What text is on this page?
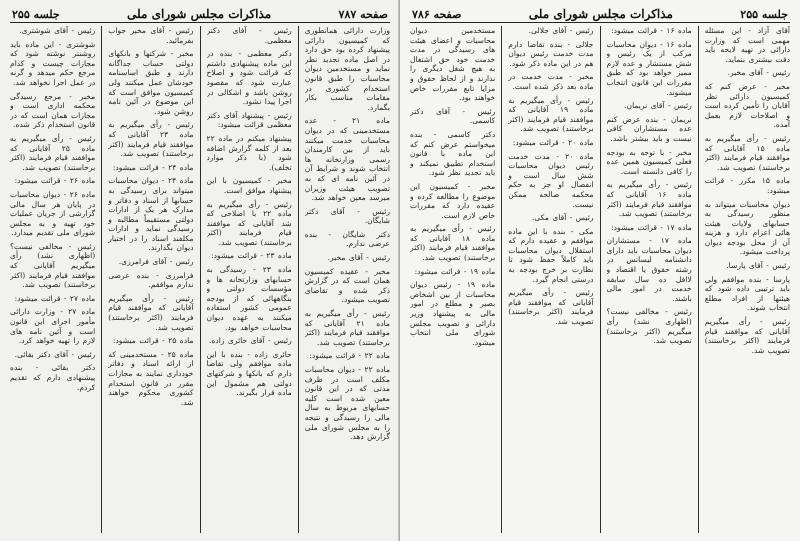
صفحه ۷۸۷
مذاکرات مجلس شورای ملی
جلسه ۲۵۵

وزارت دارائی همانطوری که کمیسیون دارائی پیشنهاد کرده بود حق دارد در اصل ماده تجدید نظر نماید و مستخدمین دیوان محاسبات را طبق قانون استخدام کشوری در مقامات مناسب بکار بگمارد.

ماده ۲۱ - عده مستخدمینی که در دیوان محاسبات خدمت میکنند باید از بین کارمندان رسمی وزارتخانه ها انتخاب شوند و شرایط آن در آئین نامه ای که به تصویب هیئت وزیران میرسد معین خواهد شد.

رئیس - آقای دکتر شایگان.

دکتر شایگان - بنده عرضی ندارم.

رئیس - آقای مخبر.

مخبر - عقیده کمیسیون همان است که در گزارش ذکر شده و تقاضای تصویب میشود.

رئیس - رأی میگیریم به ماده ۲۱ آقایانی که موافقند قیام فرمایند (اکثر برخاستند) تصویب شد.

ماده ۲۲ - قرائت میشود:

ماده ۲۲ - دیوان محاسبات مکلف است در ظرف مدتی که در این قانون معین شده است کلیه حسابهای مربوط به سال مالی را رسیدگی و نتیجه را به مجلس شورای ملی گزارش دهد.

رئیس - آقای دکتر معظمی.

دکتر معظمی - بنده در این ماده پیشنهادی داشتم که قرائت شود و اصلاح عبارت شود که مقصود روشن باشد و اشکالی در اجرا پیدا نشود.

رئیس - پیشنهاد آقای دکتر معظمی قرائت میشود:

پیشنهاد میکنم در ماده ۲۲ بعد از کلمه گزارش اضافه شود (با ذکر موارد تخلف).

مخبر - کمیسیون با این پیشنهاد موافق است.

رئیس - رأی میگیریم به ماده ۲۲ با اصلاحی که شد آقایانی که موافقند قیام فرمایند (اکثر برخاستند) تصویب شد.

ماده ۲۳ - قرائت میشود:

ماده ۲۳ - رسیدگی به حسابهای وزارتخانه ها و مؤسسات دولتی و بنگاههائی که از بودجه عمومی کشور استفاده میکنند به عهده دیوان محاسبات خواهد بود.

رئیس - آقای حائری زاده.

حائری زاده - بنده با این ماده موافقم ولی تقاضا دارم که بانکها و شرکتهای دولتی هم مشمول این ماده قرار بگیرند.

رئیس - آقای مخبر جواب بفرمائید.

مخبر - شرکتها و بانکهای دولتی حساب جداگانه دارند و طبق اساسنامه خودشان عمل میکنند ولی کمیسیون موافق است که این موضوع در آئین نامه روشن شود.

رئیس - رأی میگیریم به ماده ۲۳ آقایانی که موافقند قیام فرمایند (اکثر برخاستند) تصویب شد.

ماده ۲۴ - قرائت میشود:

ماده ۲۴ - دیوان محاسبات میتواند برای رسیدگی به حسابها از اسناد و دفاتر و مدارک هر یک از ادارات دولتی مستقیماً مطالبه و رسیدگی نماید و ادارات مکلفند اسناد را در اختیار دیوان بگذارند.

رئیس - آقای فرامرزی.

فرامرزی - بنده عرضی ندارم موافقم.

رئیس - رأی میگیریم آقایانی که موافقند قیام فرمایند (اکثر برخاستند) تصویب شد.

ماده ۲۵ - قرائت میشود:

ماده ۲۵ - مستخدمینی که از ارائه اسناد و دفاتر خودداری نمایند به مجازات مقرر در قانون استخدام کشوری محکوم خواهند شد.

رئیس - آقای شوشتری.

شوشتری - این ماده باید روشنتر نوشته شود که مجازات چیست و کدام مرجع حکم میدهد و گرنه در عمل اجرا نخواهد شد.

مخبر - مرجع رسیدگی محکمه اداری است و مجازات همان است که در قانون استخدام ذکر شده.

رئیس - رأی میگیریم به ماده ۲۵ آقایانی که موافقند قیام فرمایند (اکثر برخاستند) تصویب شد.

ماده ۲۶ - قرائت میشود:

ماده ۲۶ - دیوان محاسبات در پایان هر سال مالی گزارشی از جریان عملیات خود تهیه و به مجلس شورای ملی تقدیم میدارد.

رئیس - مخالفی نیست؟ (اظهاری نشد) رأی میگیریم آقایانی که موافقند قیام فرمایند (اکثر برخاستند) تصویب شد.

ماده ۲۷ - قرائت میشود:

ماده ۲۷ - وزارت دارائی مأمور اجرای این قانون است و آئین نامه های لازم را تهیه خواهد کرد.

رئیس - آقای دکتر بقائی.

دکتر بقائی - بنده پیشنهادی دارم که تقدیم کردم.

جلسه ۲۵۵
مذاکرات مجلس شورای ملی
صفحه ۷۸۶

آقای آزاد - این مسئله مهمی است که وزارت دارائی در تهیه لایحه باید دقت بیشتری بنماید.

رئیس - آقای مخبر.

مخبر - عرض کنم که کمیسیون دارائی نظر آقایان را تأمین کرده است و اصلاحات لازم بعمل آمده.

رئیس - رأی میگیریم به ماده ۱۵ آقایانی که موافقند قیام فرمایند (اکثر برخاستند) تصویب شد.

ماده ۱۵ مکرر - قرائت میشود:

دیوان محاسبات میتواند به منظور رسیدگی به حسابهای ولایات هیئت هائی اعزام دارد و هزینه آن از محل بودجه دیوان پرداخت میشود.

رئیس - آقای پارسا.

پارسا - بنده موافقم ولی باید ترتیبی داده شود که هیئتها از افراد مطلع انتخاب شوند.

رئیس - رأی میگیریم آقایانی که موافقند قیام فرمایند (اکثر برخاستند) تصویب شد.

ماده ۱۶ - قرائت میشود:

ماده ۱۶ - دیوان محاسبات مرکب از یک رئیس و شش مستشار و عده لازم ممیز خواهد بود که طبق مقررات این قانون انتخاب میشوند.

رئیس - آقای نریمان.

نریمان - بنده عرض کنم عده مستشاران کافی نیست و باید بیشتر باشد.

مخبر - با توجه به بودجه فعلی کمیسیون همین عده را کافی دانسته است.

رئیس - رأی میگیریم به ماده ۱۶ آقایانی که موافقند قیام فرمایند (اکثر برخاستند) تصویب شد.

ماده ۱۷ - قرائت میشود:

ماده ۱۷ - مستشاران دیوان محاسبات باید دارای دانشنامه لیسانس در رشته حقوق یا اقتصاد و لااقل ده سال سابقه خدمت در امور مالی باشند.

رئیس - مخالفی نیست؟ (اظهاری نشد) رأی میگیریم (اکثر برخاستند) تصویب شد.

رئیس - آقای جلالی.

جلالی - بنده تقاضا دارم مدت خدمت رئیس دیوان هم در این ماده ذکر شود.

مخبر - مدت خدمت در ماده بعد ذکر شده است.

رئیس - رأی میگیریم به ماده ۱۹ آقایانی که موافقند قیام فرمایند (اکثر برخاستند) تصویب شد.

ماده ۲۰ - قرائت میشود:

ماده ۲۰ - مدت خدمت رئیس دیوان محاسبات شش سال است و انفصال او جز به حکم محکمه صالحه ممکن نیست.

رئیس - آقای مکی.

مکی - بنده با این ماده موافقم و عقیده دارم که استقلال دیوان محاسبات باید کاملاً حفظ شود تا نظارت بر خرج بودجه به درستی انجام گیرد.

رئیس - رأی میگیریم آقایانی که موافقند قیام فرمایند (اکثر برخاستند) تصویب شد.

مستخدمین دیوان محاسبات و اعضای هیئت های رسیدگی در مدت خدمت خود حق اشتغال به هیچ شغل دیگری را ندارند و از لحاظ حقوق و مزایا تابع مقررات خاص خواهند بود.

رئیس - آقای دکتر کاسمی.

دکتر کاسمی - بنده میخواستم عرض کنم که این ماده با قانون استخدام تطبیق نمیکند و باید تجدید نظر شود.

مخبر - کمیسیون این موضوع را مطالعه کرده و عقیده دارد که مقررات خاص لازم است.

رئیس - رأی میگیریم به ماده ۱۸ آقایانی که موافقند قیام فرمایند (اکثر برخاستند) تصویب شد.

ماده ۱۹ - قرائت میشود:

ماده ۱۹ - رئیس دیوان محاسبات از بین اشخاص بصیر و مطلع در امور مالی به پیشنهاد وزیر دارائی و تصویب مجلس شورای ملی انتخاب میشود.
